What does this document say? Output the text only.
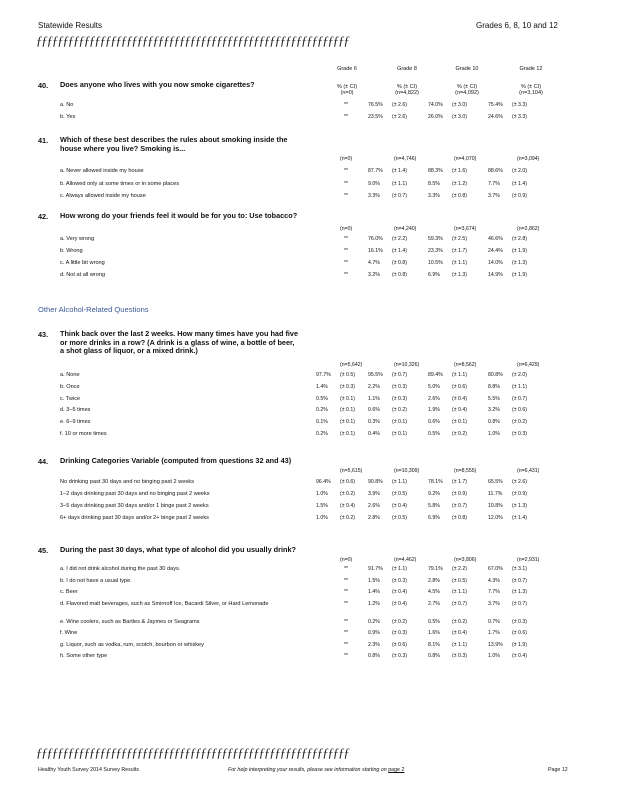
Statewide Results	Grades 6, 8, 10 and 12
ƒƒƒƒƒƒƒƒƒƒƒƒƒƒƒƒƒƒƒƒƒƒƒƒƒƒƒƒƒƒƒƒƒƒƒƒƒƒƒƒƒƒƒƒƒƒƒƒƒƒƒƒƒƒƒƒƒƒƒ
Grade 6	Grade 8	Grade 10	Grade 12
% (± CI)	% (± CI)	% (± CI)	% (± CI)
(n=0)	(n=4,822)	(n=4,092)	(n=3,104)
40. Does anyone who lives with you now smoke cigarettes?
a. No	**	76.5% (± 2.6)	74.0% (± 3.0)	75.4% (± 3.3)
b. Yes	**	23.5% (± 2.6)	26.0% (± 3.0)	24.6% (± 3.3)
41. Which of these best describes the rules about smoking inside the house where you live? Smoking is...
(n=0)	(n=4,746)	(n=4,070)	(n=3,094)
a. Never allowed inside my house	**	87.7% (± 1.4)	88.3% (± 1.6)	88.6% (± 2.0)
b. Allowed only at some times or in some places	**	9.0% (± 1.1)	8.5% (± 1.2)	7.7% (± 1.4)
c. Always allowed inside my house	**	3.3% (± 0.7)	3.3% (± 0.8)	3.7% (± 0.9)
42. How wrong do your friends feel it would be for you to: Use tobacco?
(n=0)	(n=4,240)	(n=3,674)	(n=2,862)
a. Very wrong	**	76.0% (± 2.2)	59.3% (± 2.5)	46.6% (± 2.8)
b. Wrong	**	16.1% (± 1.4)	23.3% (± 1.7)	24.4% (± 1.9)
c. A little bit wrong	**	4.7% (± 0.8)	10.5% (± 1.1)	14.0% (± 1.3)
d. Not at all wrong	**	3.2% (± 0.8)	6.9% (± 1.3)	14.9% (± 1.9)
Other Alcohol-Related Questions
43. Think back over the last 2 weeks. How many times have you had five or more drinks in a row? (A drink is a glass of wine, a bottle of beer, a shot glass of liquor, or a mixed drink.)
(n=5,642)	(n=10,326)	(n=8,562)	(n=6,429)
a. None	97.7% (± 0.5)	95.5% (± 0.7)	89.4% (± 1.1)	80.8% (± 2.0)
b. Once	1.4% (± 0.3)	2.2% (± 0.3)	5.0% (± 0.6)	8.8% (± 1.1)
c. Twice	0.5% (± 0.1)	1.1% (± 0.3)	2.6% (± 0.4)	5.5% (± 0.7)
d. 3–5 times	0.2% (± 0.1)	0.6% (± 0.2)	1.9% (± 0.4)	3.2% (± 0.6)
e. 6–9 times	0.1% (± 0.1)	0.3% (± 0.1)	0.6% (± 0.1)	0.8% (± 0.2)
f. 10 or more times	0.2% (± 0.1)	0.4% (± 0.1)	0.5% (± 0.2)	1.0% (± 0.3)
44. Drinking Categories Variable (computed from questions 32 and 43)
(n=5,615)	(n=10,309)	(n=8,555)	(n=6,431)
No drinking past 30 days and no binging past 2 weeks	96.4% (± 0.6)	90.8% (± 1.1)	78.1% (± 1.7)	65.5% (± 2.6)
1–2 days drinking past 30 days and no binging past 2 weeks	1.0% (± 0.2)	3.9% (± 0.5)	9.2% (± 0.9)	11.7% (± 0.9)
3–5 days drinking past 30 days and/or 1 binge past 2 weeks	1.5% (± 0.4)	2.6% (± 0.4)	5.8% (± 0.7)	10.8% (± 1.3)
6+ days drinking past 30 days and/or 2+ binge past 2 weeks	1.0% (± 0.2)	2.8% (± 0.5)	6.9% (± 0.8)	12.0% (± 1.4)
45. During the past 30 days, what type of alcohol did you usually drink?
(n=0)	(n=4,462)	(n=3,806)	(n=2,931)
a. I did not drink alcohol during the past 30 days.	**	91.7% (± 1.1)	79.1% (± 2.2)	67.0% (± 3.1)
b. I do not have a usual type.	**	1.5% (± 0.3)	2.8% (± 0.5)	4.3% (± 0.7)
c. Beer	**	1.4% (± 0.4)	4.5% (± 1.1)	7.7% (± 1.3)
d. Flavored malt beverages, such as Smirnoff Ice, Bacardi Silver, or Hard Lemonade	**	1.2% (± 0.4)	2.7% (± 0.7)	3.7% (± 0.7)
e. Wine coolers, such as Bartles & Jaymes or Seagrams	**	0.2% (± 0.2)	0.5% (± 0.2)	0.7% (± 0.3)
f. Wine	**	0.9% (± 0.3)	1.6% (± 0.4)	1.7% (± 0.6)
g. Liquor, such as vodka, rum, scotch, bourbon or whiskey	**	2.3% (± 0.6)	8.1% (± 1.1)	13.9% (± 1.9)
h. Some other type	**	0.8% (± 0.3)	0.8% (± 0.3)	1.0% (± 0.4)
ƒƒƒƒƒƒƒƒƒƒƒƒƒƒƒƒƒƒƒƒƒƒƒƒƒƒƒƒƒƒƒƒƒƒƒƒƒƒƒƒƒƒƒƒƒƒƒƒƒƒƒƒƒƒƒƒƒƒƒ
Healthy Youth Survey 2014 Survey Results	For help interpreting your results, please see information starting on page 2	Page 12
